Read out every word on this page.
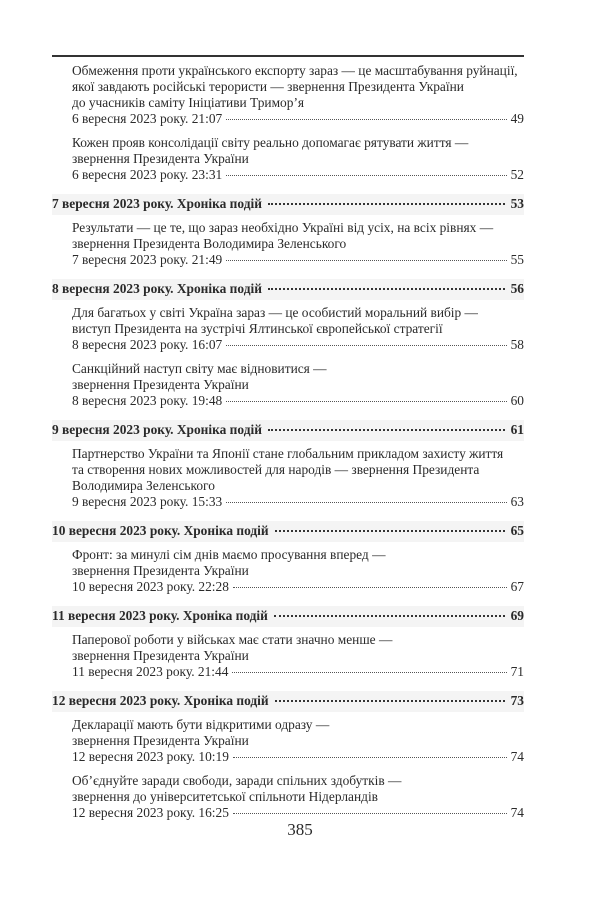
Обмеження проти українського експорту зараз — це масштабування руйнації,
якої завдають російські терористи — звернення Президента України
до учасників саміту Ініціативи Тримор’я
6 вересня 2023 року. 21:07	49
Кожен прояв консолідації світу реально допомагає рятувати життя —
звернення Президента України
6 вересня 2023 року. 23:31	52
7 вересня 2023 року. Хроніка подій	53
Результати — це те, що зараз необхідно Україні від усіх, на всіх рівнях —
звернення Президента Володимира Зеленського
7 вересня 2023 року. 21:49	55
8 вересня 2023 року. Хроніка подій	56
Для багатьох у світі Україна зараз — це особистий моральний вибір —
виступ Президента на зустрічі Ялтинської європейської стратегії
8 вересня 2023 року. 16:07	58
Санкційний наступ світу має відновитися —
звернення Президента України
8 вересня 2023 року. 19:48	60
9 вересня 2023 року. Хроніка подій	61
Партнерство України та Японії стане глобальним прикладом захисту життя
та створення нових можливостей для народів — звернення Президента
Володимира Зеленського
9 вересня 2023 року. 15:33	63
10 вересня 2023 року. Хроніка подій	65
Фронт: за минулі сім днів маємо просування вперед —
звернення Президента України
10 вересня 2023 року. 22:28	67
11 вересня 2023 року. Хроніка подій	69
Паперової роботи у військах має стати значно менше —
звернення Президента України
11 вересня 2023 року. 21:44	71
12 вересня 2023 року. Хроніка подій	73
Декларації мають бути відкритими одразу —
звернення Президента України
12 вересня 2023 року. 10:19	74
Об’єднуйте заради свободи, заради спільних здобутків —
звернення до університетської спільноти Нідерландів
12 вересня 2023 року. 16:25	74
385
